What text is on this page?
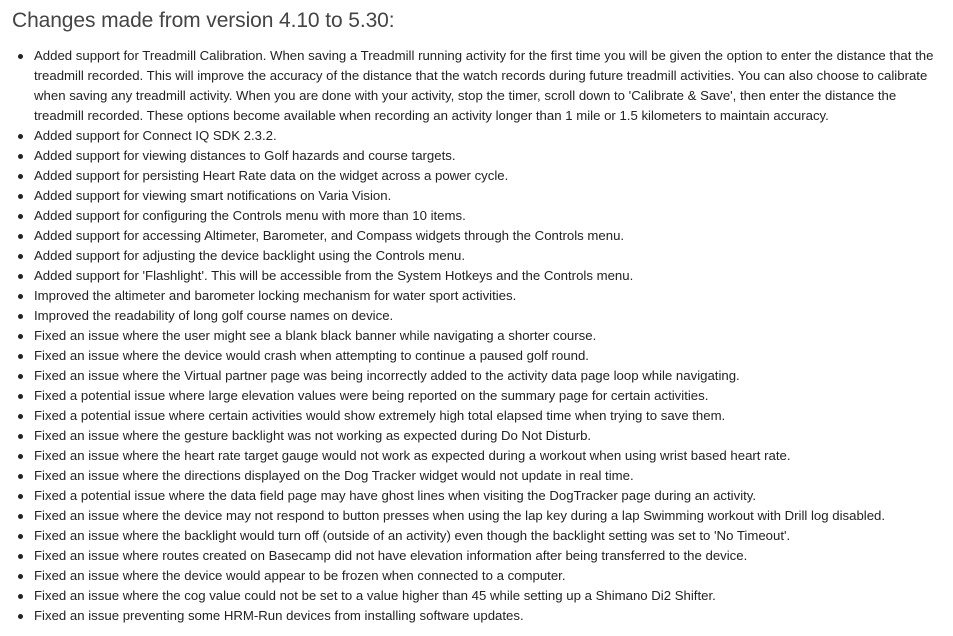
Changes made from version 4.10 to 5.30:
Added support for Treadmill Calibration. When saving a Treadmill running activity for the first time you will be given the option to enter the distance that the treadmill recorded. This will improve the accuracy of the distance that the watch records during future treadmill activities. You can also choose to calibrate when saving any treadmill activity. When you are done with your activity, stop the timer, scroll down to 'Calibrate & Save', then enter the distance the treadmill recorded. These options become available when recording an activity longer than 1 mile or 1.5 kilometers to maintain accuracy.
Added support for Connect IQ SDK 2.3.2.
Added support for viewing distances to Golf hazards and course targets.
Added support for persisting Heart Rate data on the widget across a power cycle.
Added support for viewing smart notifications on Varia Vision.
Added support for configuring the Controls menu with more than 10 items.
Added support for accessing Altimeter, Barometer, and Compass widgets through the Controls menu.
Added support for adjusting the device backlight using the Controls menu.
Added support for 'Flashlight'. This will be accessible from the System Hotkeys and the Controls menu.
Improved the altimeter and barometer locking mechanism for water sport activities.
Improved the readability of long golf course names on device.
Fixed an issue where the user might see a blank black banner while navigating a shorter course.
Fixed an issue where the device would crash when attempting to continue a paused golf round.
Fixed an issue where the Virtual partner page was being incorrectly added to the activity data page loop while navigating.
Fixed a potential issue where large elevation values were being reported on the summary page for certain activities.
Fixed a potential issue where certain activities would show extremely high total elapsed time when trying to save them.
Fixed an issue where the gesture backlight was not working as expected during Do Not Disturb.
Fixed an issue where the heart rate target gauge would not work as expected during a workout when using wrist based heart rate.
Fixed an issue where the directions displayed on the Dog Tracker widget would not update in real time.
Fixed a potential issue where the data field page may have ghost lines when visiting the DogTracker page during an activity.
Fixed an issue where the device may not respond to button presses when using the lap key during a lap Swimming workout with Drill log disabled.
Fixed an issue where the backlight would turn off (outside of an activity) even though the backlight setting was set to 'No Timeout'.
Fixed an issue where routes created on Basecamp did not have elevation information after being transferred to the device.
Fixed an issue where the device would appear to be frozen when connected to a computer.
Fixed an issue where the cog value could not be set to a value higher than 45 while setting up a Shimano Di2 Shifter.
Fixed an issue preventing some HRM-Run devices from installing software updates.
